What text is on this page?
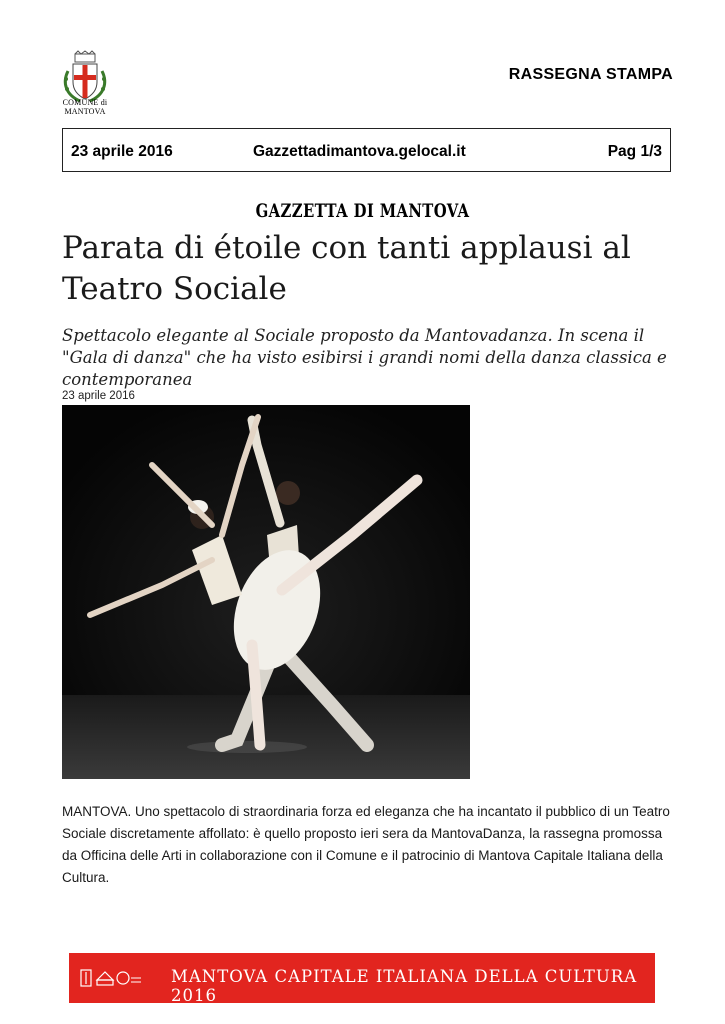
COMUNE di
MANTOVA
RASSEGNA STAMPA
23 aprile 2016	Gazzettadimantova.gelocal.it	Pag 1/3
GAZZETTA DI MANTOVA
Parata di étoile con tanti applausi al Teatro Sociale
Spettacolo elegante al Sociale proposto da Mantovadanza. In scena il "Gala di danza" che ha visto esibirsi i grandi nomi della danza classica e contemporanea
23 aprile 2016
MANTOVA. Uno spettacolo di straordinaria forza ed eleganza che ha incantato il pubblico di un Teatro Sociale discretamente affollato: è quello proposto ieri sera da MantovaDanza, la rassegna promossa da Officina delle Arti in collaborazione con il Comune e il patrocinio di Mantova Capitale Italiana della Cultura.
MANTOVA CAPITALE ITALIANA DELLA CULTURA 2016
